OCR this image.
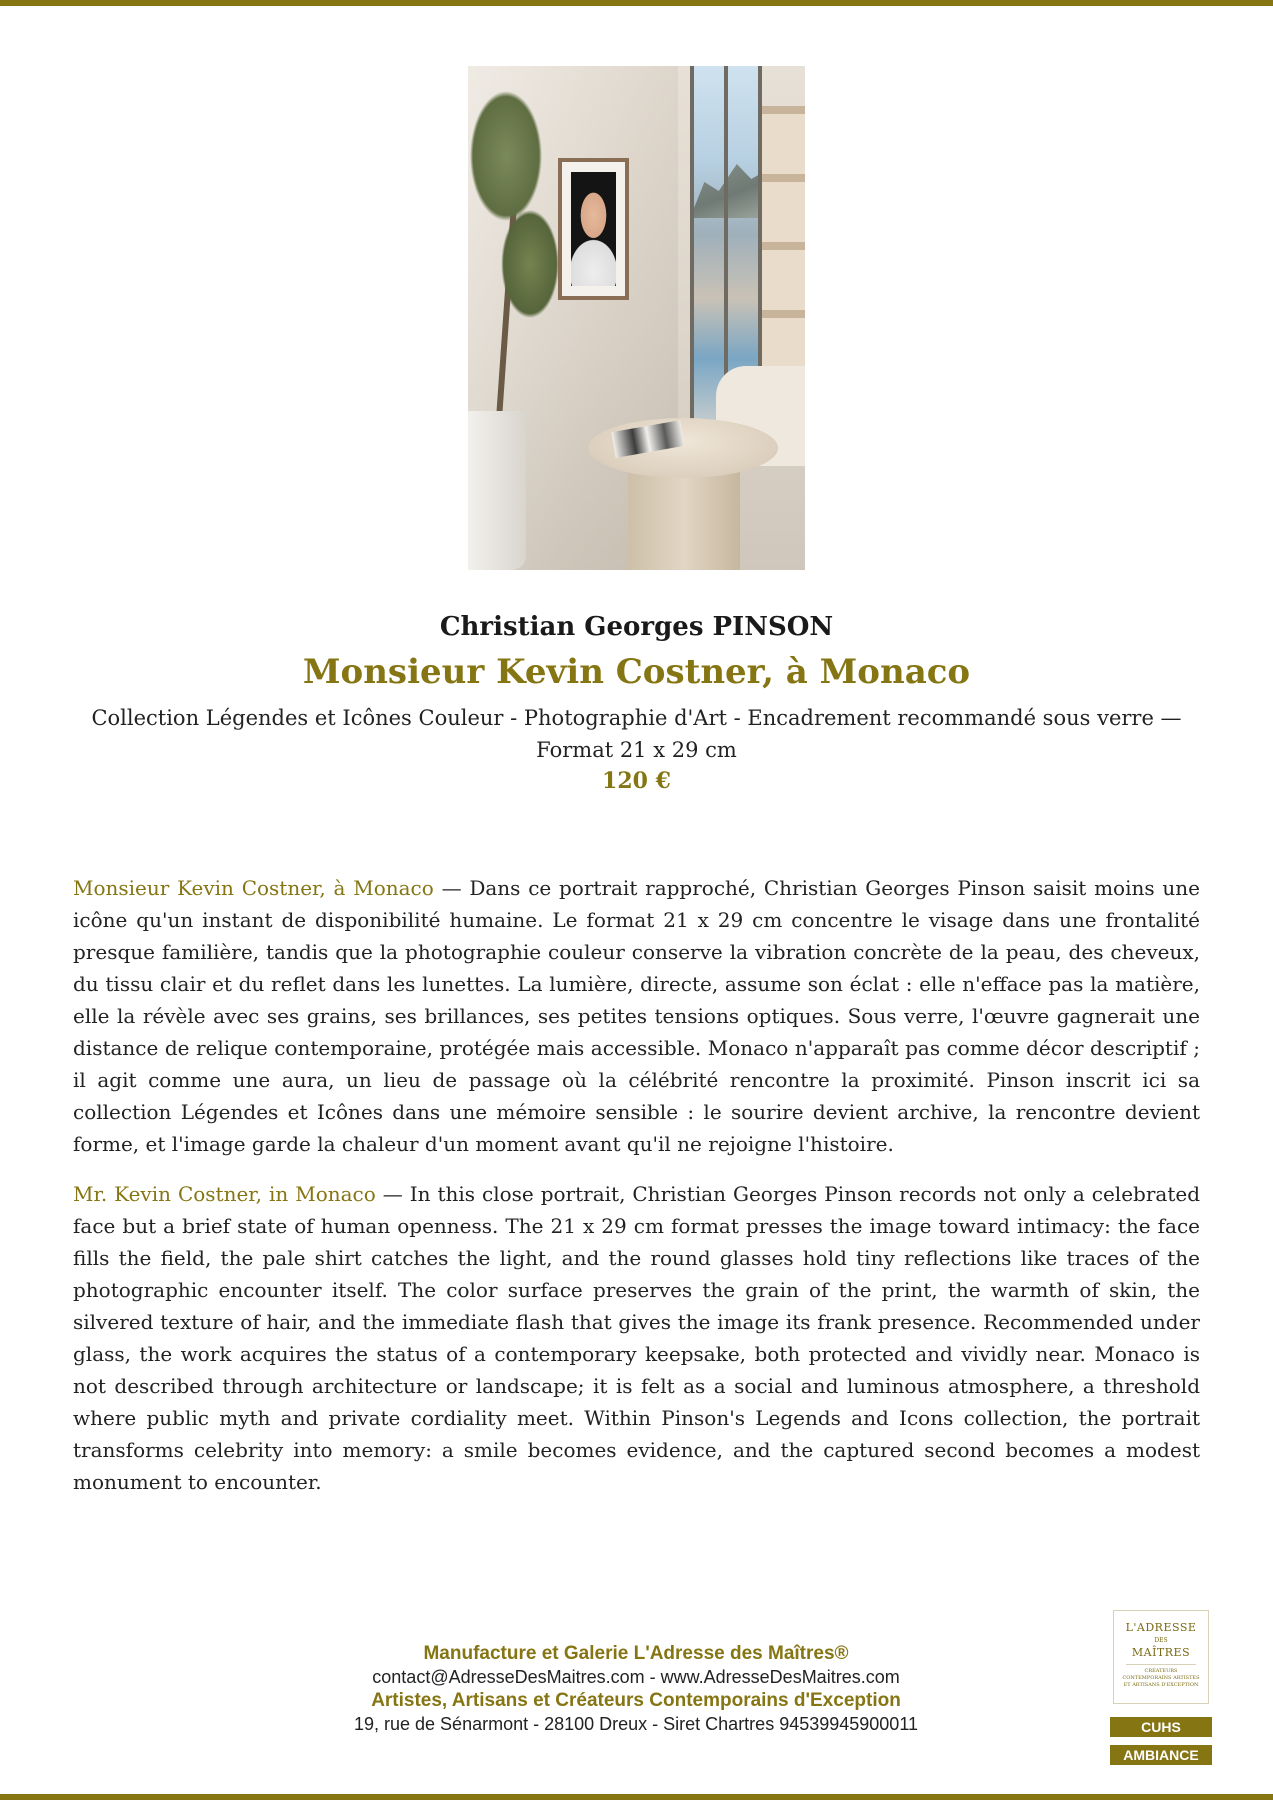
Christian Georges PINSON
Monsieur Kevin Costner, à Monaco
Collection Légendes et Icônes Couleur - Photographie d'Art - Encadrement recommandé sous verre — Format 21 x 29 cm
120 €

Monsieur Kevin Costner, à Monaco — Dans ce portrait rapproché, Christian Georges Pinson saisit moins une icône qu'un instant de disponibilité humaine. Le format 21 x 29 cm concentre le visage dans une frontalité presque familière, tandis que la photographie couleur conserve la vibration concrète de la peau, des cheveux, du tissu clair et du reflet dans les lunettes. La lumière, directe, assume son éclat : elle n'efface pas la matière, elle la révèle avec ses grains, ses brillances, ses petites tensions optiques. Sous verre, l'œuvre gagnerait une distance de relique contemporaine, protégée mais accessible. Monaco n'apparaît pas comme décor descriptif ; il agit comme une aura, un lieu de passage où la célébrité rencontre la proximité. Pinson inscrit ici sa collection Légendes et Icônes dans une mémoire sensible : le sourire devient archive, la rencontre devient forme, et l'image garde la chaleur d'un moment avant qu'il ne rejoigne l'histoire.

Mr. Kevin Costner, in Monaco — In this close portrait, Christian Georges Pinson records not only a celebrated face but a brief state of human openness. The 21 x 29 cm format presses the image toward intimacy: the face fills the field, the pale shirt catches the light, and the round glasses hold tiny reflections like traces of the photographic encounter itself. The color surface preserves the grain of the print, the warmth of skin, the silvered texture of hair, and the immediate flash that gives the image its frank presence. Recommended under glass, the work acquires the status of a contemporary keepsake, both protected and vividly near. Monaco is not described through architecture or landscape; it is felt as a social and luminous atmosphere, a threshold where public myth and private cordiality meet. Within Pinson's Legends and Icons collection, the portrait transforms celebrity into memory: a smile becomes evidence, and the captured second becomes a modest monument to encounter.

Manufacture et Galerie L'Adresse des Maîtres®
contact@AdresseDesMaitres.com - www.AdresseDesMaitres.com
Artistes, Artisans et Créateurs Contemporains d'Exception
19, rue de Sénarmont - 28100 Dreux - Siret Chartres 94539945900011
L'ADRESSE
DES
MAÎTRES
CRÉATEURS CONTEMPORAINS ARTISTES ET ARTISANS D'EXCEPTION
CUHS
AMBIANCE
